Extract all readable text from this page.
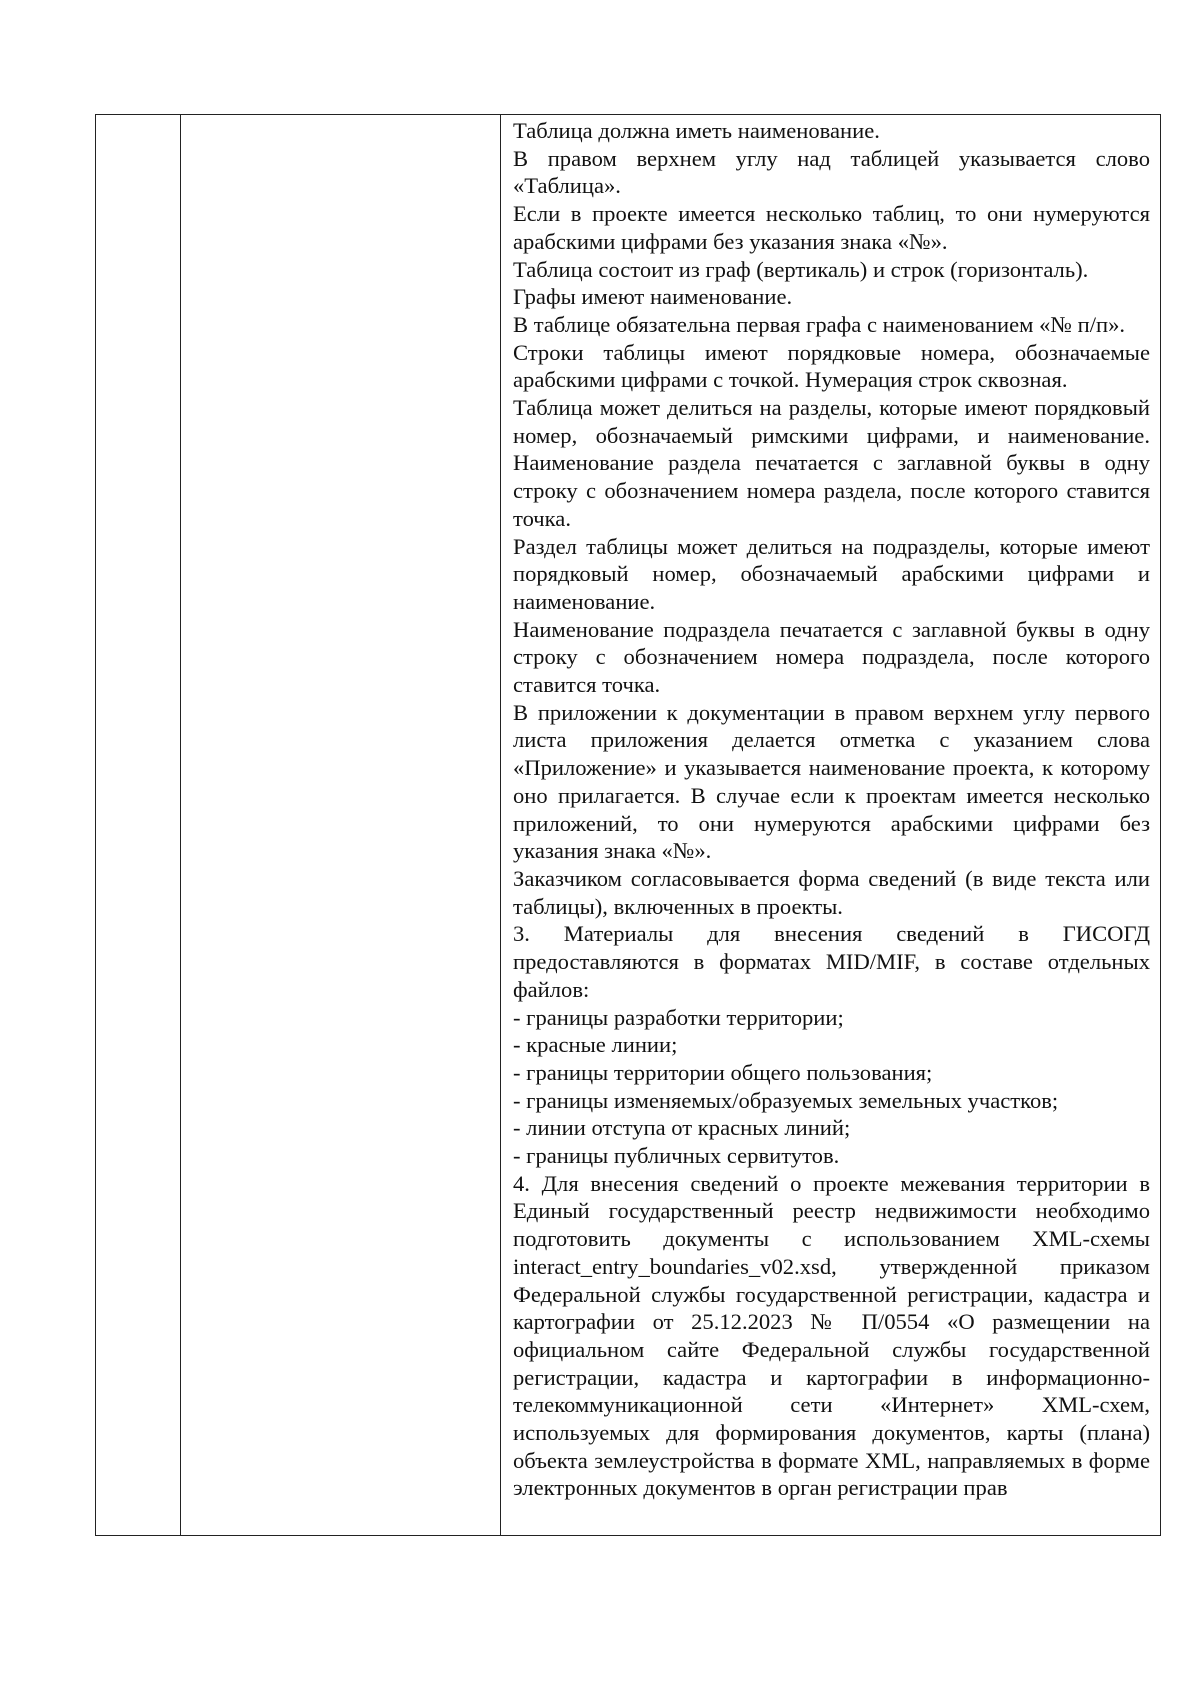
Таблица должна иметь наименование.

В правом верхнем углу над таблицей указывается слово «Таблица».

Если в проекте имеется несколько таблиц, то они нумеруются арабскими цифрами без указания знака «№».

Таблица состоит из граф (вертикаль) и строк (горизонталь).

Графы имеют наименование.

В таблице обязательна первая графа с наименованием «№ п/п».

Строки таблицы имеют порядковые номера, обозначаемые арабскими цифрами с точкой. Нумерация строк сквозная.

Таблица может делиться на разделы, которые имеют порядковый номер, обозначаемый римскими цифрами, и наименование. Наименование раздела печатается с заглавной буквы в одну строку с обозначением номера раздела, после которого ставится точка.

Раздел таблицы может делиться на подразделы, которые имеют порядковый номер, обозначаемый арабскими цифрами и наименование.

Наименование подраздела печатается с заглавной буквы в одну строку с обозначением номера подраздела, после которого ставится точка.

В приложении к документации в правом верхнем углу первого листа приложения делается отметка с указанием слова «Приложение» и указывается наименование проекта, к которому оно прилагается. В случае если к проектам имеется несколько приложений, то они нумеруются арабскими цифрами без указания знака «№».

Заказчиком согласовывается форма сведений (в виде текста или таблицы), включенных в проекты.

3. Материалы для внесения сведений в ГИСОГД предоставляются в форматах MID/MIF, в составе отдельных файлов:

- границы разработки территории;

- красные линии;

- границы территории общего пользования;

- границы изменяемых/образуемых земельных участков;

- линии отступа от красных линий;

- границы публичных сервитутов.

4. Для внесения сведений о проекте межевания территории в Единый государственный реестр недвижимости необходимо подготовить документы с использованием XML-схемы interact_entry_boundaries_v02.xsd, утвержденной приказом Федеральной службы государственной регистрации, кадастра и картографии от 25.12.2023 № П/0554 «О размещении на официальном сайте Федеральной службы государственной регистрации, кадастра и картографии в информационно-телекоммуникационной сети «Интернет» XML-схем, используемых для формирования документов, карты (плана) объекта землеустройства в формате XML, направляемых в форме электронных документов в орган регистрации прав
